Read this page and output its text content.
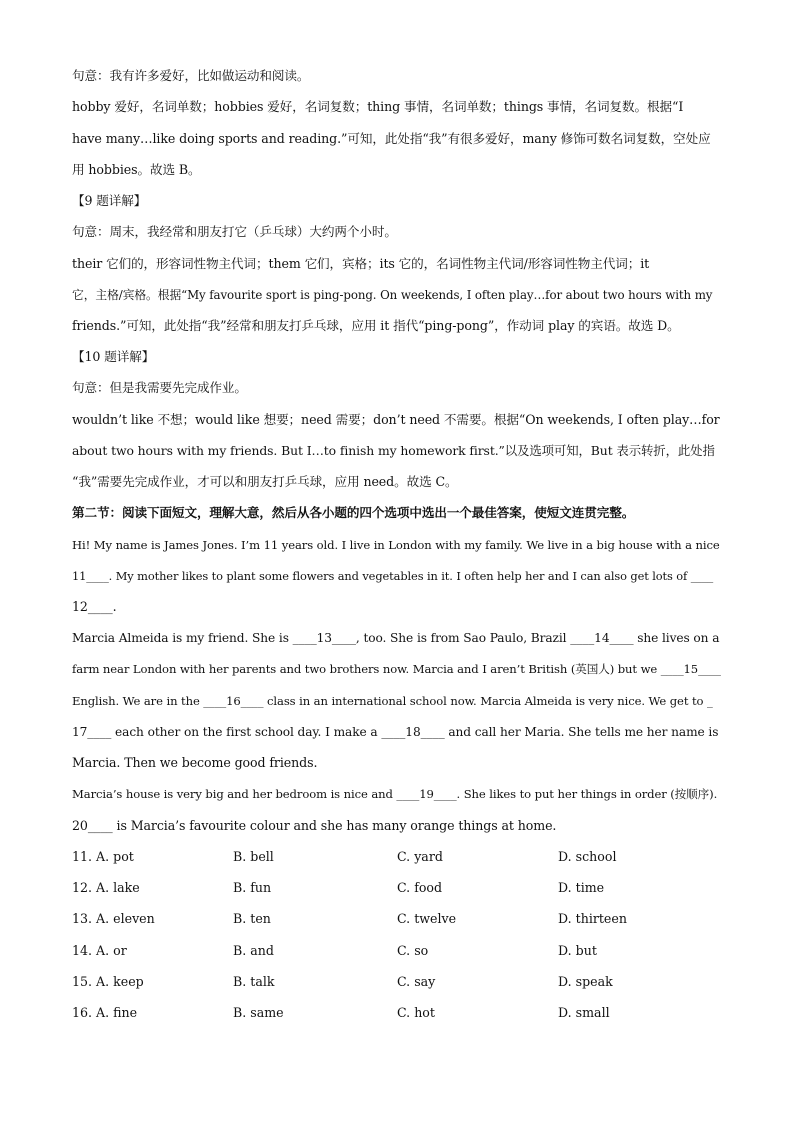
句意：我有许多爱好，比如做运动和阅读。
hobby 爱好，名词单数；hobbies 爱好，名词复数；thing 事情，名词单数；things 事情，名词复数。根据“I
have many…like doing sports and reading.”可知，此处指“我”有很多爱好，many 修饰可数名词复数，空处应
用 hobbies。故选 B。
【9 题详解】
句意：周末，我经常和朋友打它（乒乓球）大约两个小时。
their 它们的，形容词性物主代词；them 它们，宾格；its 它的，名词性物主代词/形容词性物主代词；it
它，主格/宾格。根据“My favourite sport is ping-pong. On weekends, I often play…for about two hours with my
friends.”可知，此处指“我”经常和朋友打乒乓球，应用 it 指代“ping-pong”，作动词 play 的宾语。故选 D。
【10 题详解】
句意：但是我需要先完成作业。
wouldn’t like 不想；would like 想要；need 需要；don’t need 不需要。根据“On weekends, I often play…for
about two hours with my friends. But I…to finish my homework first.”以及选项可知，But 表示转折，此处指
“我”需要先完成作业，才可以和朋友打乒乓球，应用 need。故选 C。
第二节：阅读下面短文，理解大意，然后从各小题的四个选项中选出一个最佳答案，使短文连贯完整。
Hi! My name is James Jones. I’m 11 years old. I live in London with my family. We live in a big house with a nice
11____. My mother likes to plant some flowers and vegetables in it. I often help her and I can also get lots of ____
12____.
Marcia Almeida is my friend. She is ____13____, too. She is from Sao Paulo, Brazil ____14____ she lives on a
farm near London with her parents and two brothers now. Marcia and I aren’t British (英国人) but we ____15____
English. We are in the ____16____ class in an international school now. Marcia Almeida is very nice. We get to _
17____ each other on the first school day. I make a ____18____ and call her Maria. She tells me her name is
Marcia. Then we become good friends.
Marcia’s house is very big and her bedroom is nice and ____19____. She likes to put her things in order (按顺序).
20____ is Marcia’s favourite colour and she has many orange things at home.
11. A. pot	B. bell	C. yard	D. school
12. A. lake	B. fun	C. food	D. time
13. A. eleven	B. ten	C. twelve	D. thirteen
14. A. or	B. and	C. so	D. but
15. A. keep	B. talk	C. say	D. speak
16. A. fine	B. same	C. hot	D. small
